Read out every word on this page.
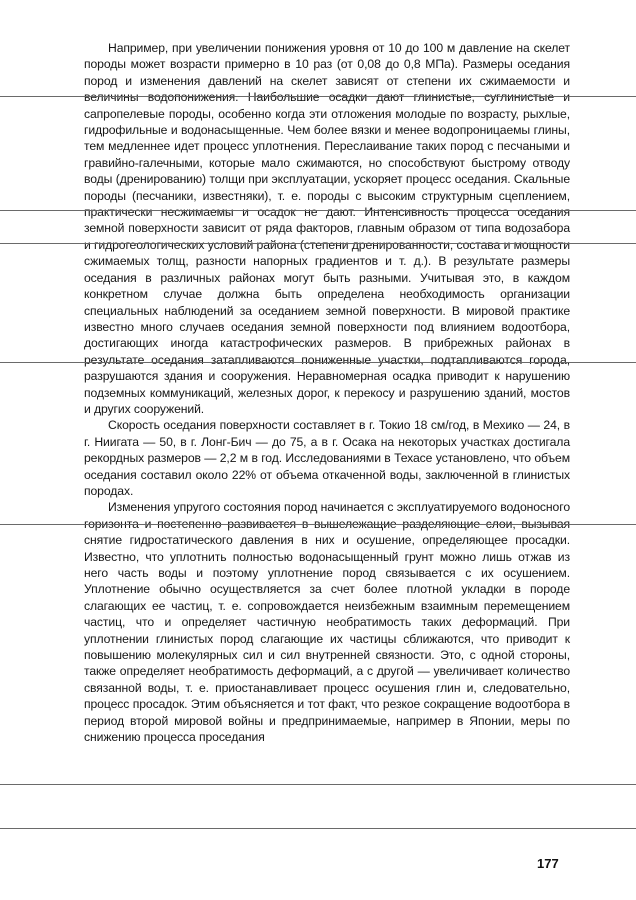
Например, при увеличении понижения уровня от 10 до 100 м давление на скелет породы может возрасти примерно в 10 раз (от 0,08 до 0,8 МПа). Размеры оседания пород и изменения давлений на скелет зависят от степени их сжимаемости и величины водопонижения. Наибольшие осадки дают глинистые, суглинистые и сапропелевые породы, особенно когда эти отложения молодые по возрасту, рыхлые, гидрофильные и водонасыщенные. Чем более вязки и менее водопроницаемы глины, тем медленнее идет процесс уплотнения. Переслаивание таких пород с песчаными и гравийно-галечными, которые мало сжимаются, но способствуют быстрому отводу воды (дренированию) толщи при эксплуатации, ускоряет процесс оседания. Скальные породы (песчаники, известняки), т. е. породы с высоким структурным сцеплением, практически несжимаемы и осадок не дают. Интенсивность процесса оседания земной поверхности зависит от ряда факторов, главным образом от типа водозабора и гидрогеологических условий района (степени дренированности, состава и мощности сжимаемых толщ, разности напорных градиентов и т. д.). В результате размеры оседания в различных районах могут быть разными. Учитывая это, в каждом конкретном случае должна быть определена необходимость организации специальных наблюдений за оседанием земной поверхности. В мировой практике известно много случаев оседания земной поверхности под влиянием водоотбора, достигающих иногда катастрофических размеров. В прибрежных районах в результате оседания затапливаются пониженные участки, подтапливаются города, разрушаются здания и сооружения. Неравномерная осадка приводит к нарушению подземных коммуникаций, железных дорог, к перекосу и разрушению зданий, мостов и других сооружений.

Скорость оседания поверхности составляет в г. Токио 18 см/год, в Мехико — 24, в г. Ниигата — 50, в г. Лонг-Бич — до 75, а в г. Осака на некоторых участках достигала рекордных размеров — 2,2 м в год. Исследованиями в Техасе установлено, что объем оседания составил около 22% от объема откаченной воды, заключенной в глинистых породах.

Изменения упругого состояния пород начинается с эксплуатируемого водоносного горизонта и постепенно развивается в вышележащие разделяющие слои, вызывая снятие гидростатического давления в них и осушение, определяющее просадки. Известно, что уплотнить полностью водонасыщенный грунт можно лишь отжав из него часть воды и поэтому уплотнение пород связывается с их осушением. Уплотнение обычно осуществляется за счет более плотной укладки в породе слагающих ее частиц, т. е. сопровождается неизбежным взаимным перемещением частиц, что и определяет частичную необратимость таких деформаций. При уплотнении глинистых пород слагающие их частицы сближаются, что приводит к повышению молекулярных сил и сил внутренней связности. Это, с одной стороны, также определяет необратимость деформаций, а с другой — увеличивает количество связанной воды, т. е. приостанавливает процесс осушения глин и, следовательно, процесс просадок. Этим объясняется и тот факт, что резкое сокращение водоотбора в период второй мировой войны и предпринимаемые, например в Японии, меры по снижению процесса проседания

177
